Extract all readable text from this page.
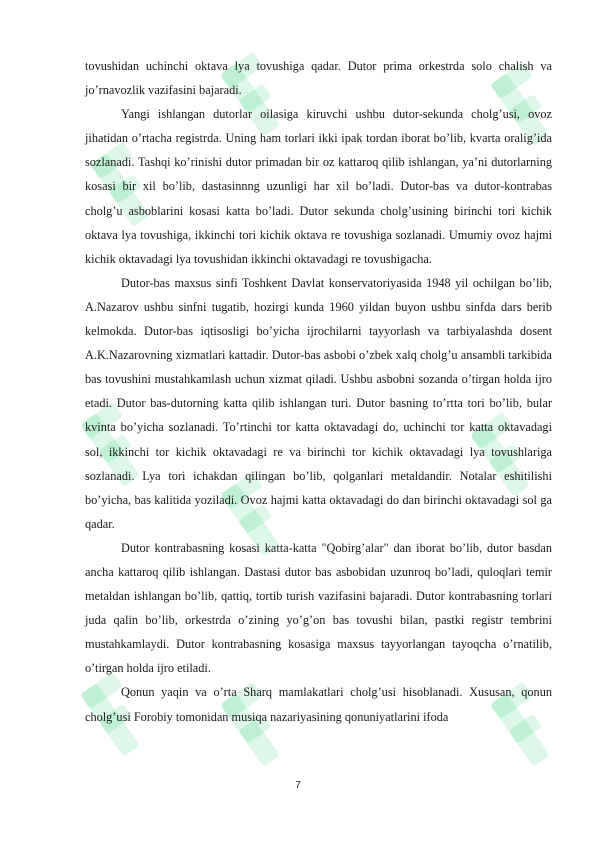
tovushidan uchinchi oktava lya tovushiga qadar. Dutor prima orkestrda solo chalish va jo’rnavozlik vazifasini bajaradi.

Yangi ishlangan dutorlar oilasiga kiruvchi ushbu dutor-sekunda cholg’usi, ovoz jihatidan o’rtacha registrda. Uning ham torlari ikki ipak tordan iborat bo’lib, kvarta oralig’ida sozlanadi. Tashqi ko’rinishi dutor primadan bir oz kattaroq qilib ishlangan, ya’ni dutorlarning kosasi bir xil bo’lib, dastasinnng uzunligi har xil bo’ladi. Dutor-bas va dutor-kontrabas cholg’u asboblarini kosasi katta bo’ladi. Dutor sekunda cholg’usining birinchi tori kichik oktava lya tovushiga, ikkinchi tori kichik oktava re tovushiga sozlanadi. Umumiy ovoz hajmi kichik oktavadagi lya tovushidan ikkinchi oktavadagi re tovushigacha.

Dutor-bas maxsus sinfi Toshkent Davlat konservatoriyasida 1948 yil ochilgan bo’lib, A.Nazarov ushbu sinfni tugatib, hozirgi kunda 1960 yildan buyon ushbu sinfda dars berib kelmokda. Dutor-bas iqtisosligi bo’yicha ijrochilarni tayyorlash va tarbiyalashda dosent A.K.Nazarovning xizmatlari kattadir. Dutor-bas asbobi o’zbek xalq cholg’u ansambli tarkibida bas tovushini mustahkamlash uchun xizmat qiladi. Ushbu asbobni sozanda o’tirgan holda ijro etadi. Dutor bas-dutorning katta qilib ishlangan turi. Dutor basning to’rtta tori bo’lib, bular kvinta bo’yicha sozlanadi. To’rtinchi tor katta oktavadagi do, uchinchi tor katta oktavadagi sol, ikkinchi tor kichik oktavadagi re va birinchi tor kichik oktavadagi lya tovushlariga sozlanadi. Lya tori ichakdan qilingan bo’lib, qolganlari metaldandir. Notalar eshitilishi bo’yicha, bas kalitida yoziladi. Ovoz hajmi katta oktavadagi do dan birinchi oktavadagi sol ga qadar.

Dutor kontrabasning kosasi katta-katta "Qobirg’alar" dan iborat bo’lib, dutor basdan ancha kattaroq qilib ishlangan. Dastasi dutor bas asbobidan uzunroq bo’ladi, quloqlari temir metaldan ishlangan bo’lib, qattiq, tortib turish vazifasini bajaradi. Dutor kontrabasning torlari juda qalin bo’lib, orkestrda o’zining yo’g’on bas tovushi bilan, pastki registr tembrini mustahkamlaydi. Dutor kontrabasning kosasiga maxsus tayyorlangan tayoqcha o’rnatilib, o’tirgan holda ijro etiladi.

Qonun yaqin va o’rta Sharq mamlakatlari cholg’usi hisoblanadi. Xususan, qonun cholg’usi Forobiy tomonidan musiqa nazariyasining qonuniyatlarini ifoda

7
